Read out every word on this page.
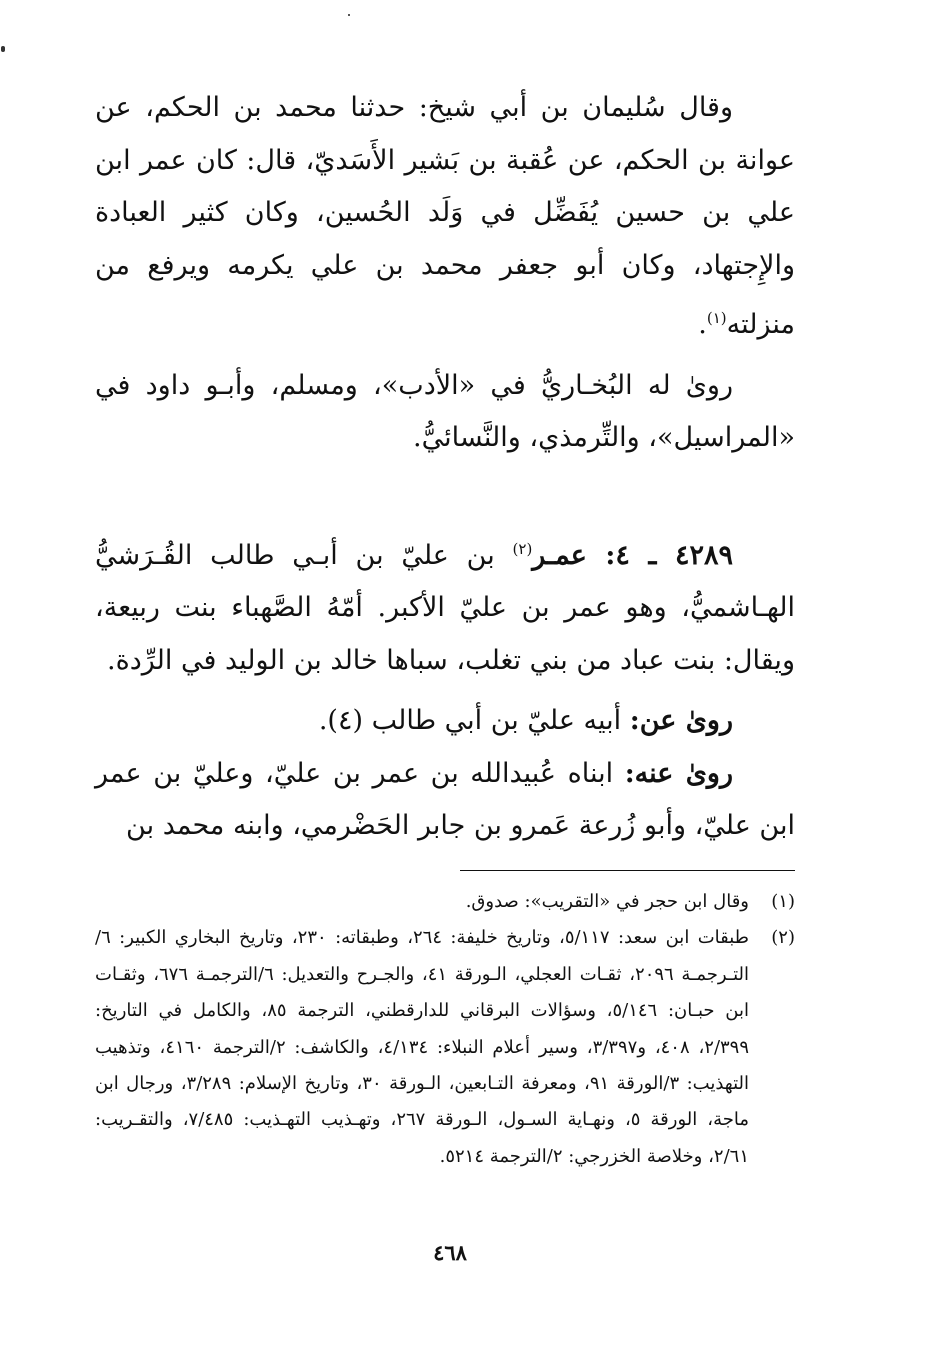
وقال سُليمان بن أبي شيخ: حدثنا محمد بن الحكم، عن عوانة بن الحكم، عن عُقبة بن بَشير الأَسَديّ، قال: كان عمر ابن علي بن حسين يُفَضِّل في وَلَد الحُسين، وكان كثير العبادة والإِجتهاد، وكان أبو جعفر محمد بن علي يكرمه ويرفع من منزلته$^{(١)}$.

روىٰ له البُخـاريُّ في «الأدب»، ومسلم، وأبـو داود في «المراسيل»، والتِّرمذي، والنَّسائيُّ.

٤٢٨٩ ـ ٤: عمـر$^{(٢)}$ بن عليّ بن أبـي طالب القُـرَشيُّ الهـاشميُّ، وهو عمر بن عليّ الأكبر. أمّهُ الصَّهباء بنت ربيعة، ويقال: بنت عباد من بني تغلب، سباها خالد بن الوليد في الرِّدة.

روىٰ عن: أبيه عليّ بن أبي طالب (٤).

روىٰ عنه: ابناه عُبيدالله بن عمر بن عليّ، وعليّ بن عمر ابن عليّ، وأبو زُرعة عَمرو بن جابر الحَضْرمي، وابنه محمد بن

(١)
وقال ابن حجر في «التقريب»: صدوق.
(٢)
طبقات ابن سعد: ٥/١١٧، وتاريخ خليفة: ٢٦٤، وطبقاته: ٢٣٠، وتاريخ البخاري الكبير: ٦/التـرجمـة ٢٠٩٦، ثقـات العجلي، الـورقة ٤١، والجـرح والتعديل: ٦/الترجمـة ٦٧٦، وثقـات ابن حبـان: ٥/١٤٦، وسؤالات البرقاني للدارقطني، الترجمة ٨٥، والكامل في التاريخ: ٢/٣٩٩، ٤٠٨، و٣/٣٩٧، وسير أعلام النبلاء: ٤/١٣٤، والكاشف: ٢/الترجمة ٤١٦٠، وتذهيب التهذيب: ٣/الورقة ٩١، ومعرفة التـابعين، الـورقة ٣٠، وتاريخ الإسلام: ٣/٢٨٩، ورجال ابن ماجة، الورقة ٥، ونهـاية السـول، الـورقة ٢٦٧، وتهـذيب التهـذيب: ٧/٤٨٥، والتقـريب: ٢/٦١، وخلاصة الخزرجي: ٢/الترجمة ٥٢١٤.
٤٦٨
